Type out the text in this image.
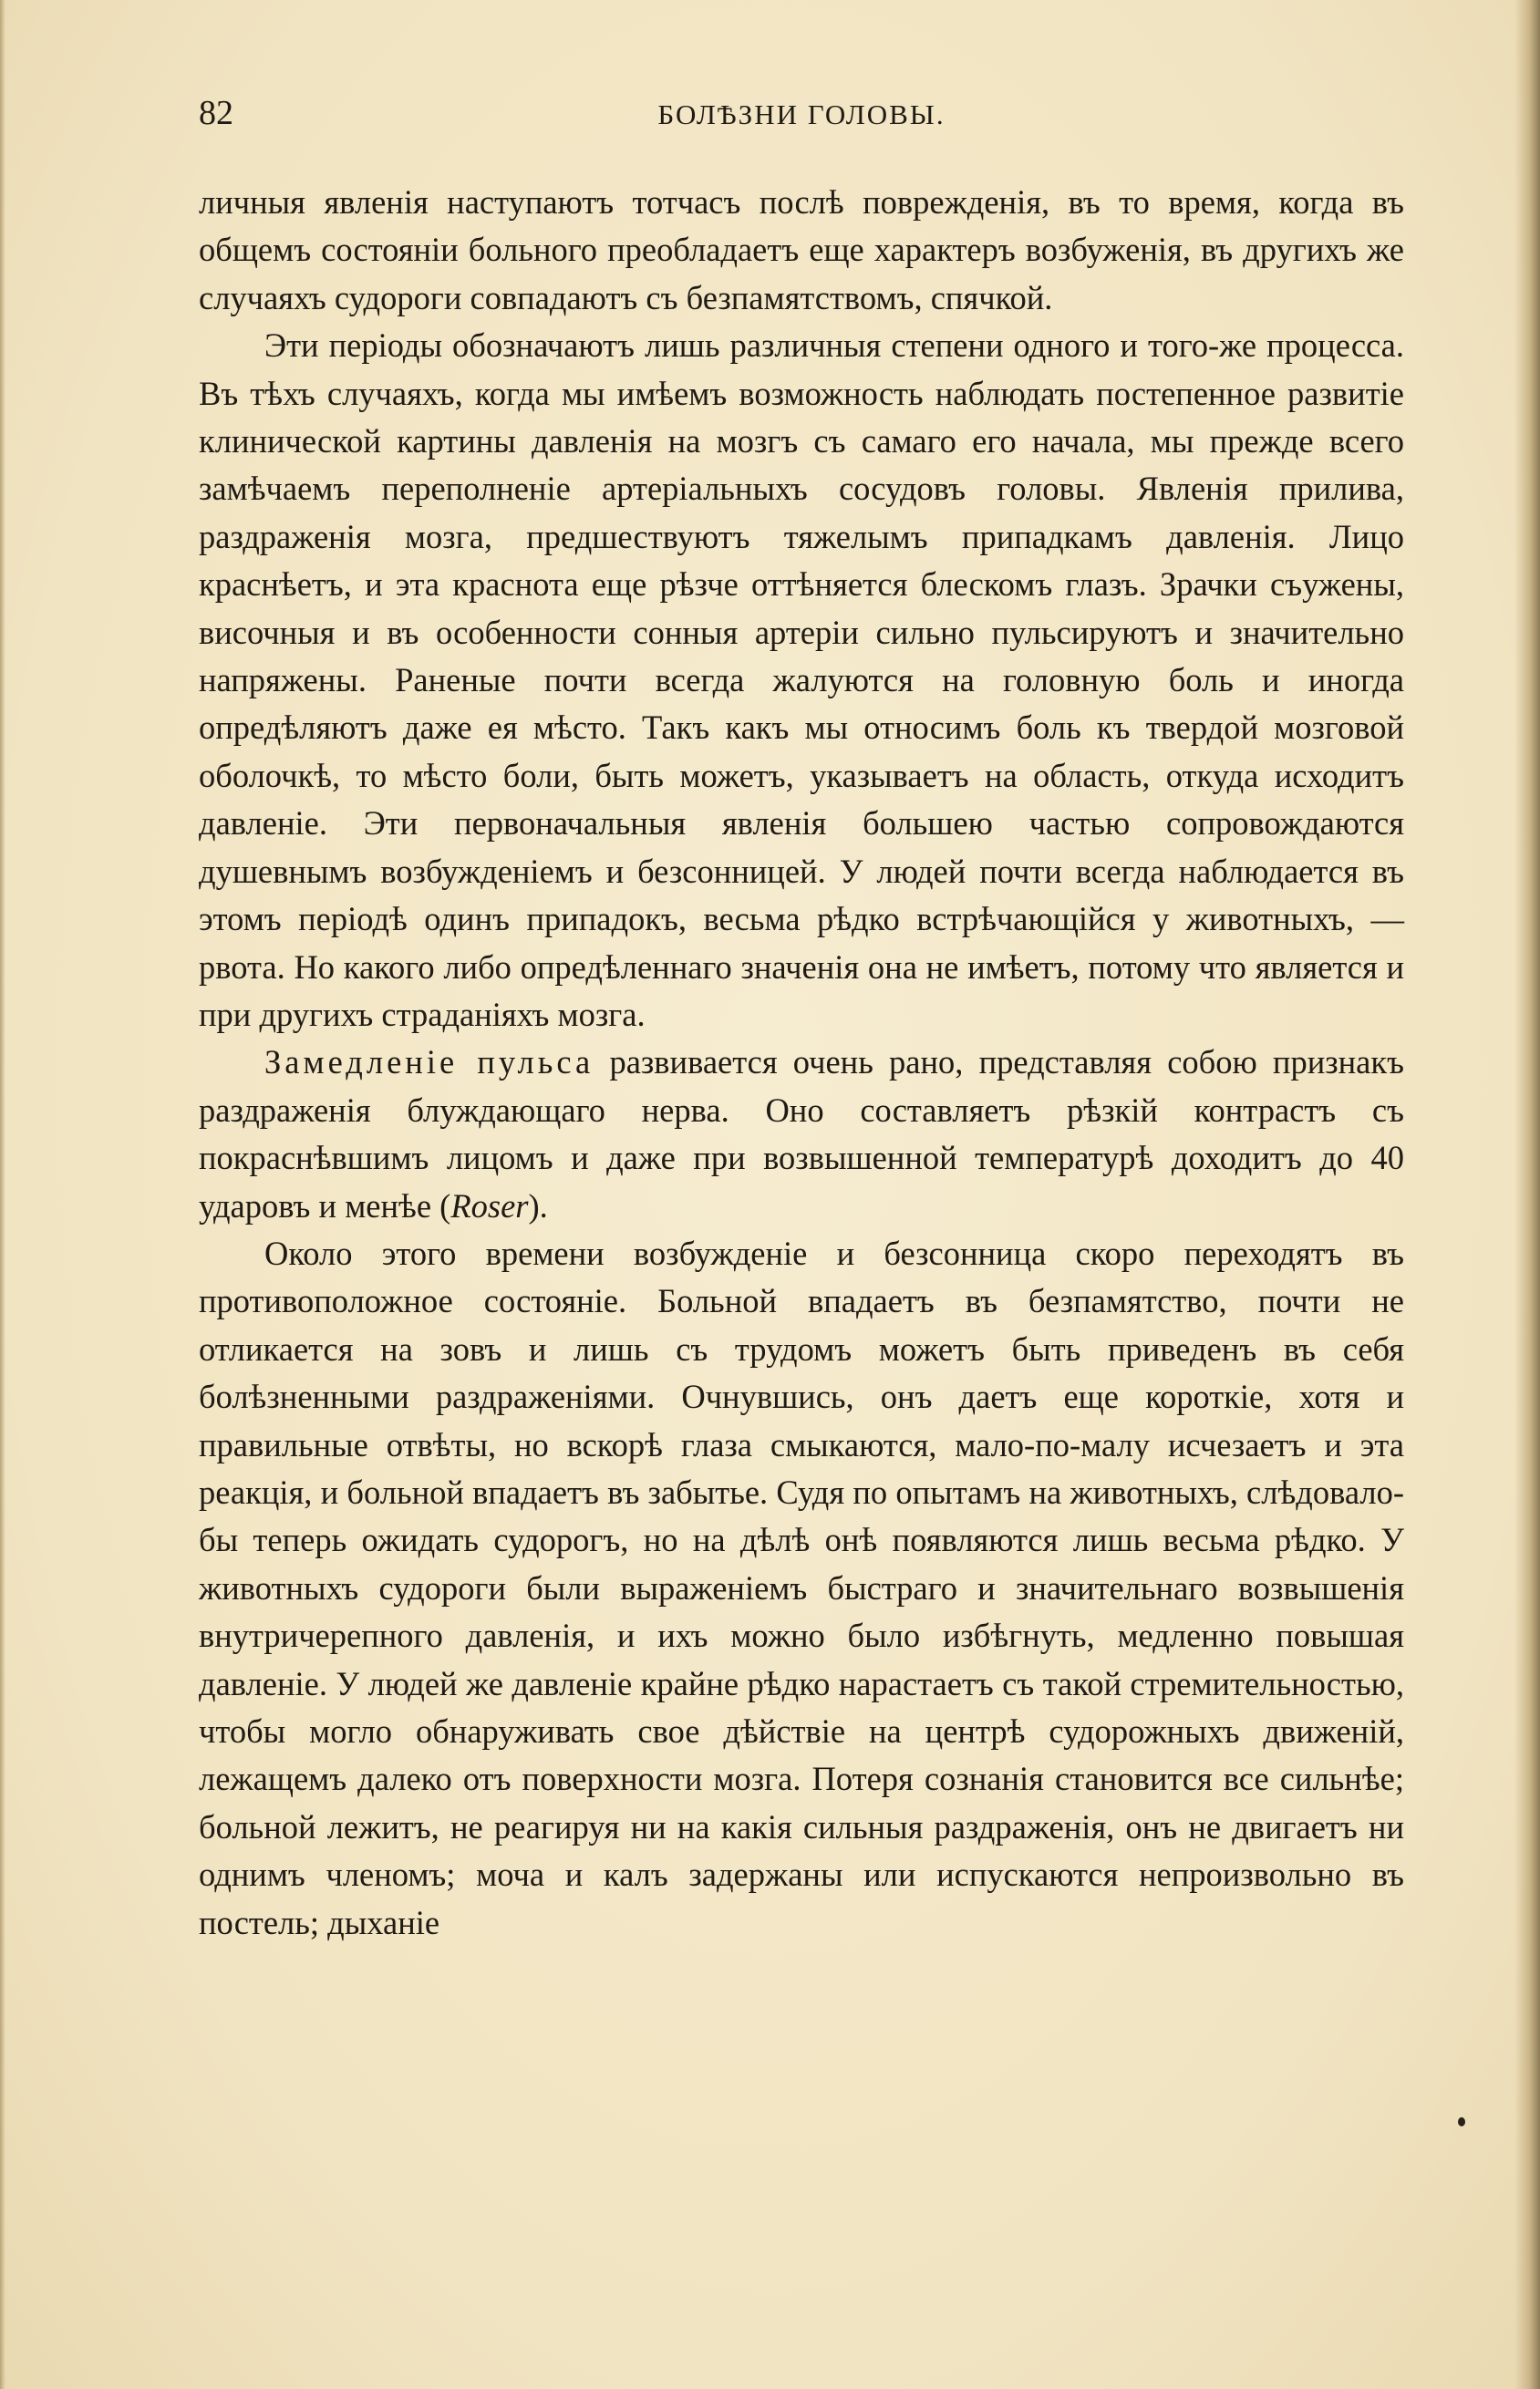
82	БОЛѢЗНИ ГОЛОВЫ.

личныя явленія наступаютъ тотчасъ послѣ поврежденія, въ то время, когда въ общемъ состояніи больного преобладаетъ еще характеръ возбуженія, въ другихъ же случаяхъ судороги совпадаютъ съ безпамятствомъ, спячкой.

Эти періоды обозначаютъ лишь различныя степени одного и того-же процесса. Въ тѣхъ случаяхъ, когда мы имѣемъ возможность наблюдать постепенное развитіе клинической картины давленія на мозгъ съ самаго его начала, мы прежде всего замѣчаемъ переполненіе артеріальныхъ сосудовъ головы. Явленія прилива, раздраженія мозга, предшествуютъ тяжелымъ припадкамъ давленія. Лицо краснѣетъ, и эта краснота еще рѣзче оттѣняется блескомъ глазъ. Зрачки съужены, височныя и въ особенности сонныя артеріи сильно пульсируютъ и значительно напряжены. Раненые почти всегда жалуются на головную боль и иногда опредѣляютъ даже ея мѣсто. Такъ какъ мы относимъ боль къ твердой мозговой оболочкѣ, то мѣсто боли, быть можетъ, указываетъ на область, откуда исходитъ давленіе. Эти первоначальныя явленія большею частью сопровождаются душевнымъ возбужденіемъ и безсонницей. У людей почти всегда наблюдается въ этомъ періодѣ одинъ припадокъ, весьма рѣдко встрѣчающійся у животныхъ, — рвота. Но какого либо опредѣленнаго значенія она не имѣетъ, потому что является и при другихъ страданіяхъ мозга.

Замедленіе пульса развивается очень рано, представляя собою признакъ раздраженія блуждающаго нерва. Оно составляетъ рѣзкій контрастъ съ покраснѣвшимъ лицомъ и даже при возвышенной температурѣ доходитъ до 40 ударовъ и менѣе (Roser).

Около этого времени возбужденіе и безсонница скоро переходятъ въ противоположное состояніе. Больной впадаетъ въ безпамятство, почти не отликается на зовъ и лишь съ трудомъ можетъ быть приведенъ въ себя болѣзненными раздраженіями. Очнувшись, онъ даетъ еще короткіе, хотя и правильные отвѣты, но вскорѣ глаза смыкаются, мало-по-малу исчезаетъ и эта реакція, и больной впадаетъ въ забытье. Судя по опытамъ на животныхъ, слѣдовало-бы теперь ожидать судорогъ, но на дѣлѣ онѣ появляются лишь весьма рѣдко. У животныхъ судороги были выраженіемъ быстраго и значительнаго возвышенія внутричерепного давленія, и ихъ можно было избѣгнуть, медленно повышая давленіе. У людей же давленіе крайне рѣдко нарастаетъ съ такой стремительностью, чтобы могло обнаруживать свое дѣйствіе на центрѣ судорожныхъ движеній, лежащемъ далеко отъ поверхности мозга. Потеря сознанія становится все сильнѣе; больной лежитъ, не реагируя ни на какія сильныя раздраженія, онъ не двигаетъ ни однимъ членомъ; моча и калъ задержаны или испускаются непроизвольно въ постель; дыханіе
